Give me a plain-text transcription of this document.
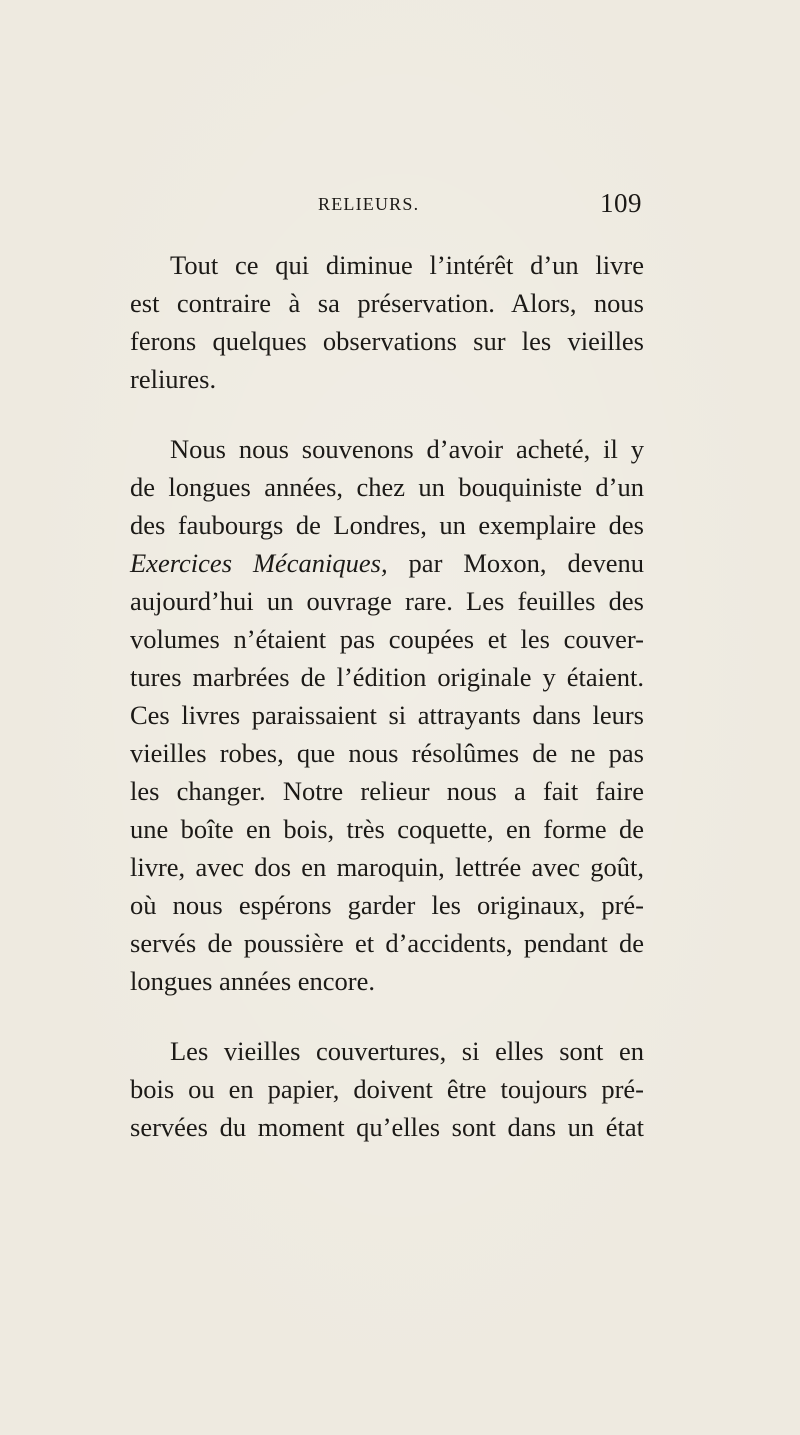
RELIEURS.	109
Tout ce qui diminue l’intérêt d’un livre
est contraire à sa préservation. Alors, nous
ferons quelques observations sur les vieilles
reliures.
Nous nous souvenons d’avoir acheté, il y
de longues années, chez un bouquiniste d’un
des faubourgs de Londres, un exemplaire des
Exercices Mécaniques, par Moxon, devenu
aujourd’hui un ouvrage rare. Les feuilles des
volumes n’étaient pas coupées et les couver-
tures marbrées de l’édition originale y étaient.
Ces livres paraissaient si attrayants dans leurs
vieilles robes, que nous résolûmes de ne pas
les changer. Notre relieur nous a fait faire
une boîte en bois, très coquette, en forme de
livre, avec dos en maroquin, lettrée avec goût,
où nous espérons garder les originaux, pré-
servés de poussière et d’accidents, pendant de
longues années encore.
Les vieilles couvertures, si elles sont en
bois ou en papier, doivent être toujours pré-
servées du moment qu’elles sont dans un état
